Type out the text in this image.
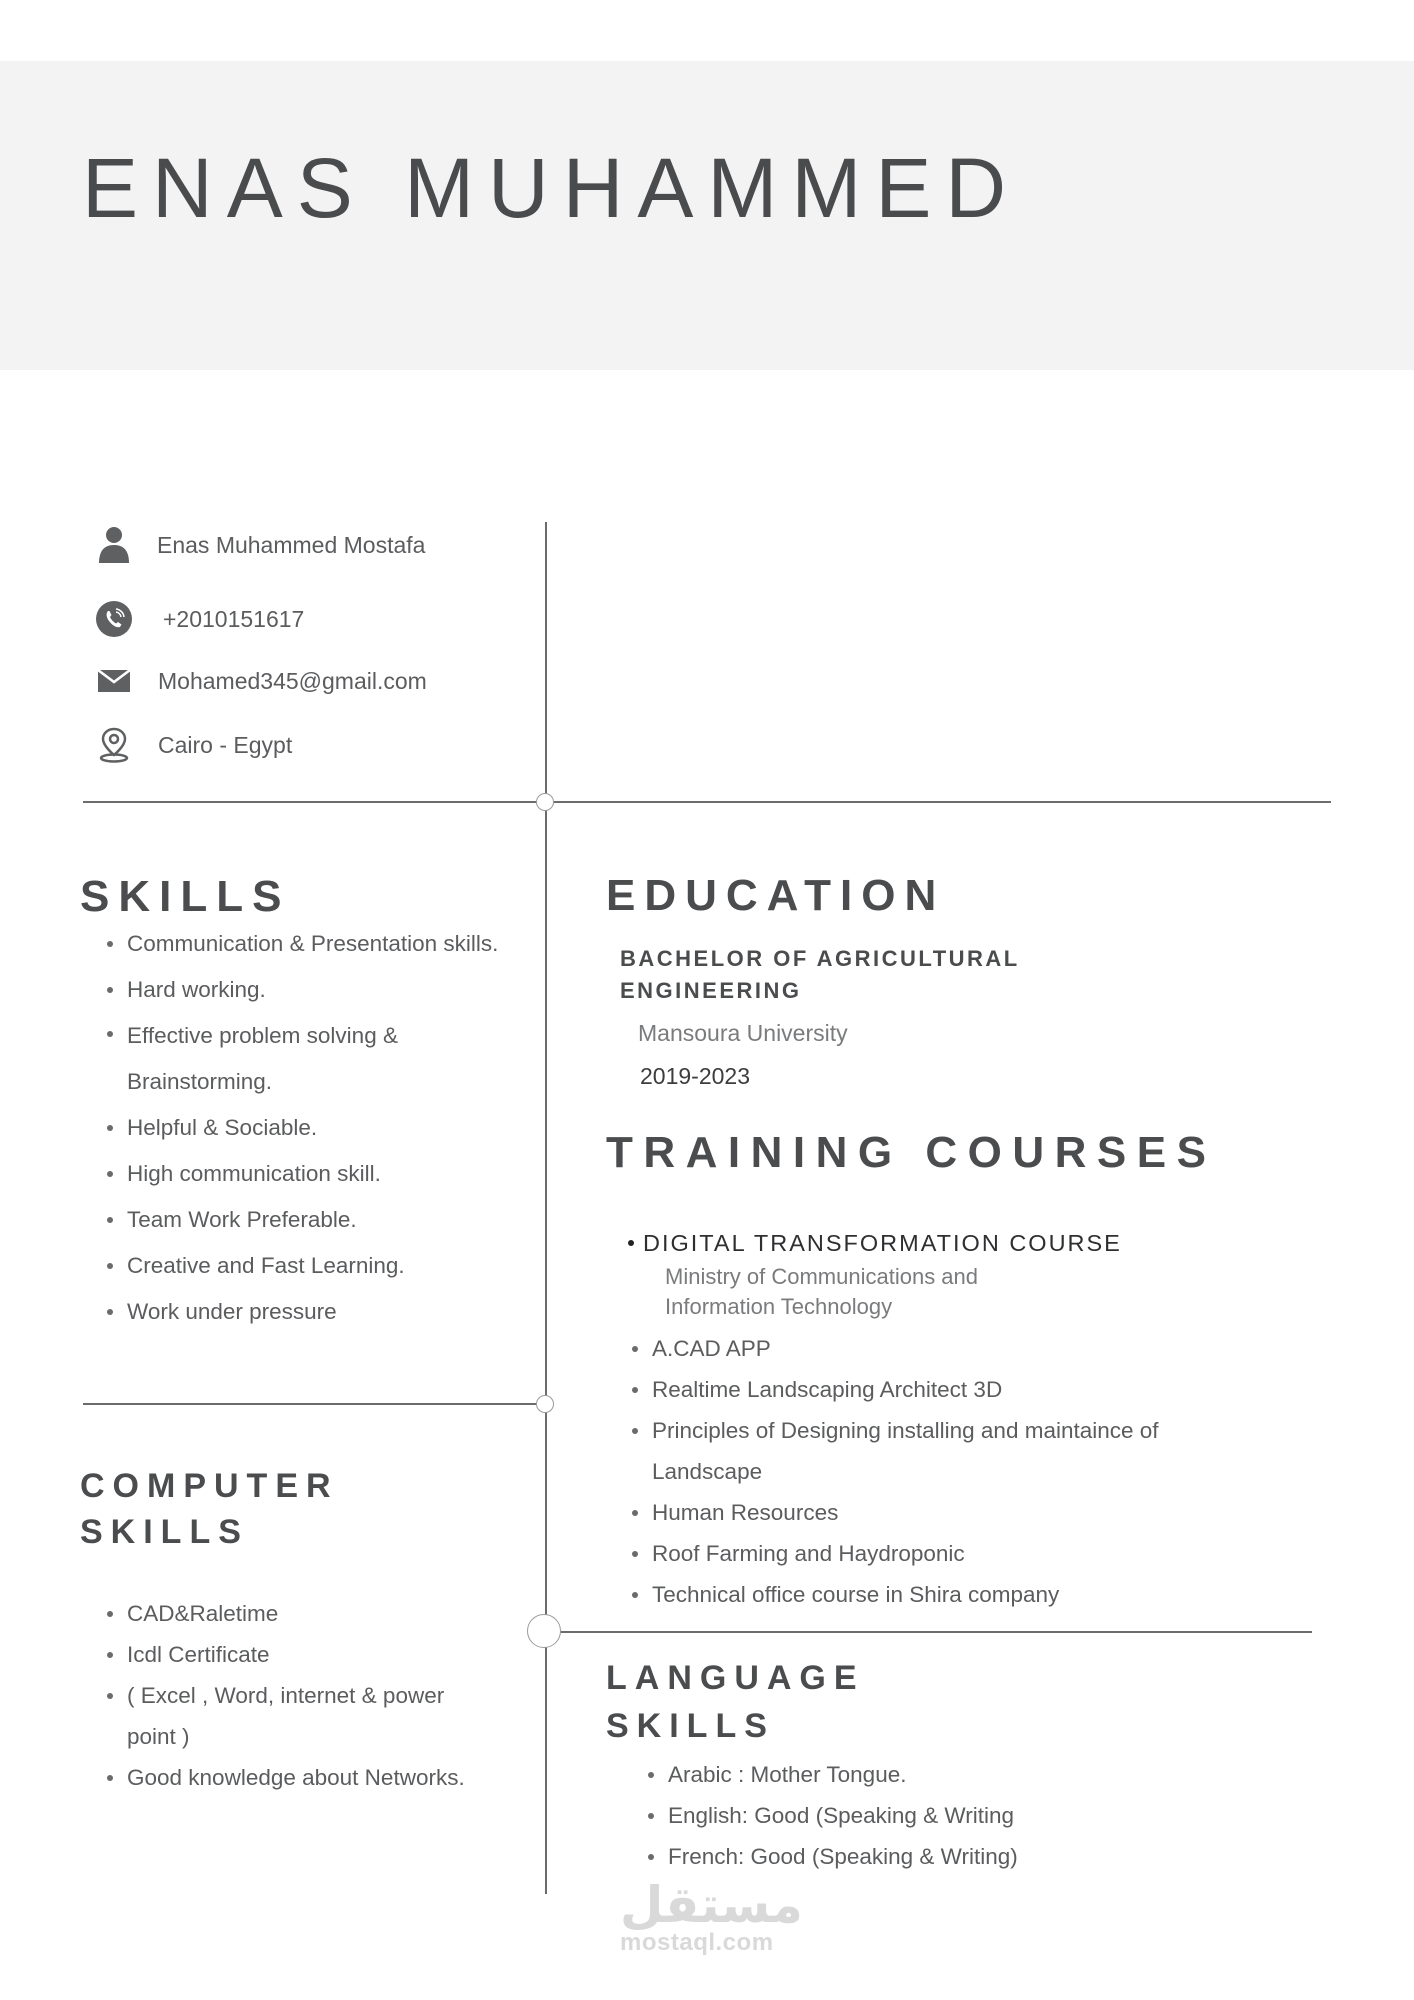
ENAS MUHAMMED
Enas Muhammed Mostafa
+2010151617
Mohamed345@gmail.com
Cairo - Egypt
SKILLS
Communication & Presentation skills.
Hard working.
Effective problem solving & Brainstorming.
Helpful & Sociable.
High communication skill.
Team Work Preferable.
Creative and Fast Learning.
Work under pressure
COMPUTER
SKILLS
CAD&Raletime
Icdl Certificate
( Excel , Word, internet & power point )
Good knowledge about Networks.
EDUCATION
BACHELOR OF AGRICULTURAL ENGINEERING
Mansoura University
2019-2023
TRAINING COURSES
DIGITAL TRANSFORMATION COURSE
Ministry of Communications and Information Technology
A.CAD APP
Realtime Landscaping Architect 3D
Principles of Designing installing and maintaince of Landscape
Human Resources
Roof Farming and Haydroponic
Technical office course in Shira company
LANGUAGE
SKILLS
Arabic : Mother Tongue.
English: Good (Speaking & Writing
French: Good (Speaking & Writing)
مستقل
mostaql.com
